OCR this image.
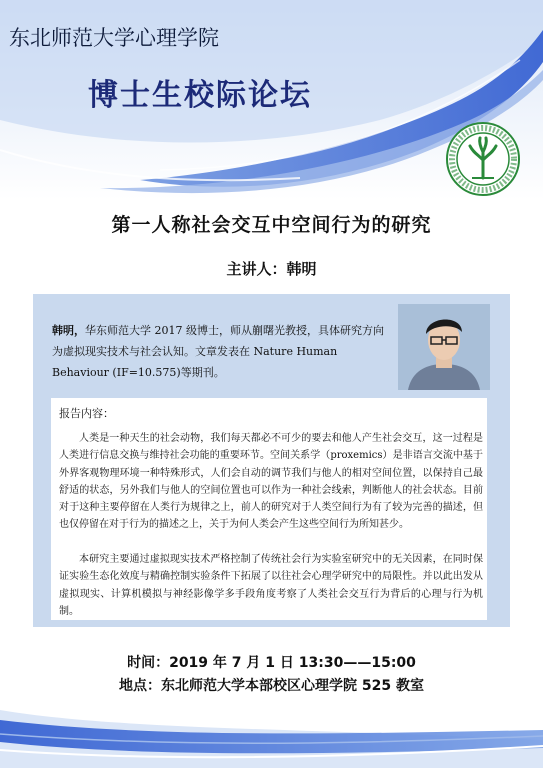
东北师范大学心理学院
博士生校际论坛
第一人称社会交互中空间行为的研究
主讲人：韩明
韩明，华东师范大学 2017 级博士，师从蒯曙光教授，具体研究方向为虚拟现实技术与社会认知。文章发表在 Nature Human Behaviour (IF=10.575)等期刊。
报告内容：

人类是一种天生的社会动物，我们每天都必不可少的要去和他人产生社会交互，这一过程是人类进行信息交换与维持社会功能的重要环节。空间关系学（proxemics）是非语言交流中基于外界客观物理环境一种特殊形式，人们会自动的调节我们与他人的相对空间位置，以保持自己最舒适的状态，另外我们与他人的空间位置也可以作为一种社会线索，判断他人的社会状态。目前对于这种主要停留在人类行为规律之上，前人的研究对于人类空间行为有了较为完善的描述，但也仅停留在对于行为的描述之上，关于为何人类会产生这些空间行为所知甚少。

本研究主要通过虚拟现实技术严格控制了传统社会行为实验室研究中的无关因素，在同时保证实验生态化效度与精确控制实验条件下拓展了以往社会心理学研究中的局限性。并以此出发从虚拟现实、计算机模拟与神经影像学多手段角度考察了人类社会交互行为背后的心理与行为机制。

时间：2019 年 7 月 1 日 13:30——15:00
地点：东北师范大学本部校区心理学院 525 教室
